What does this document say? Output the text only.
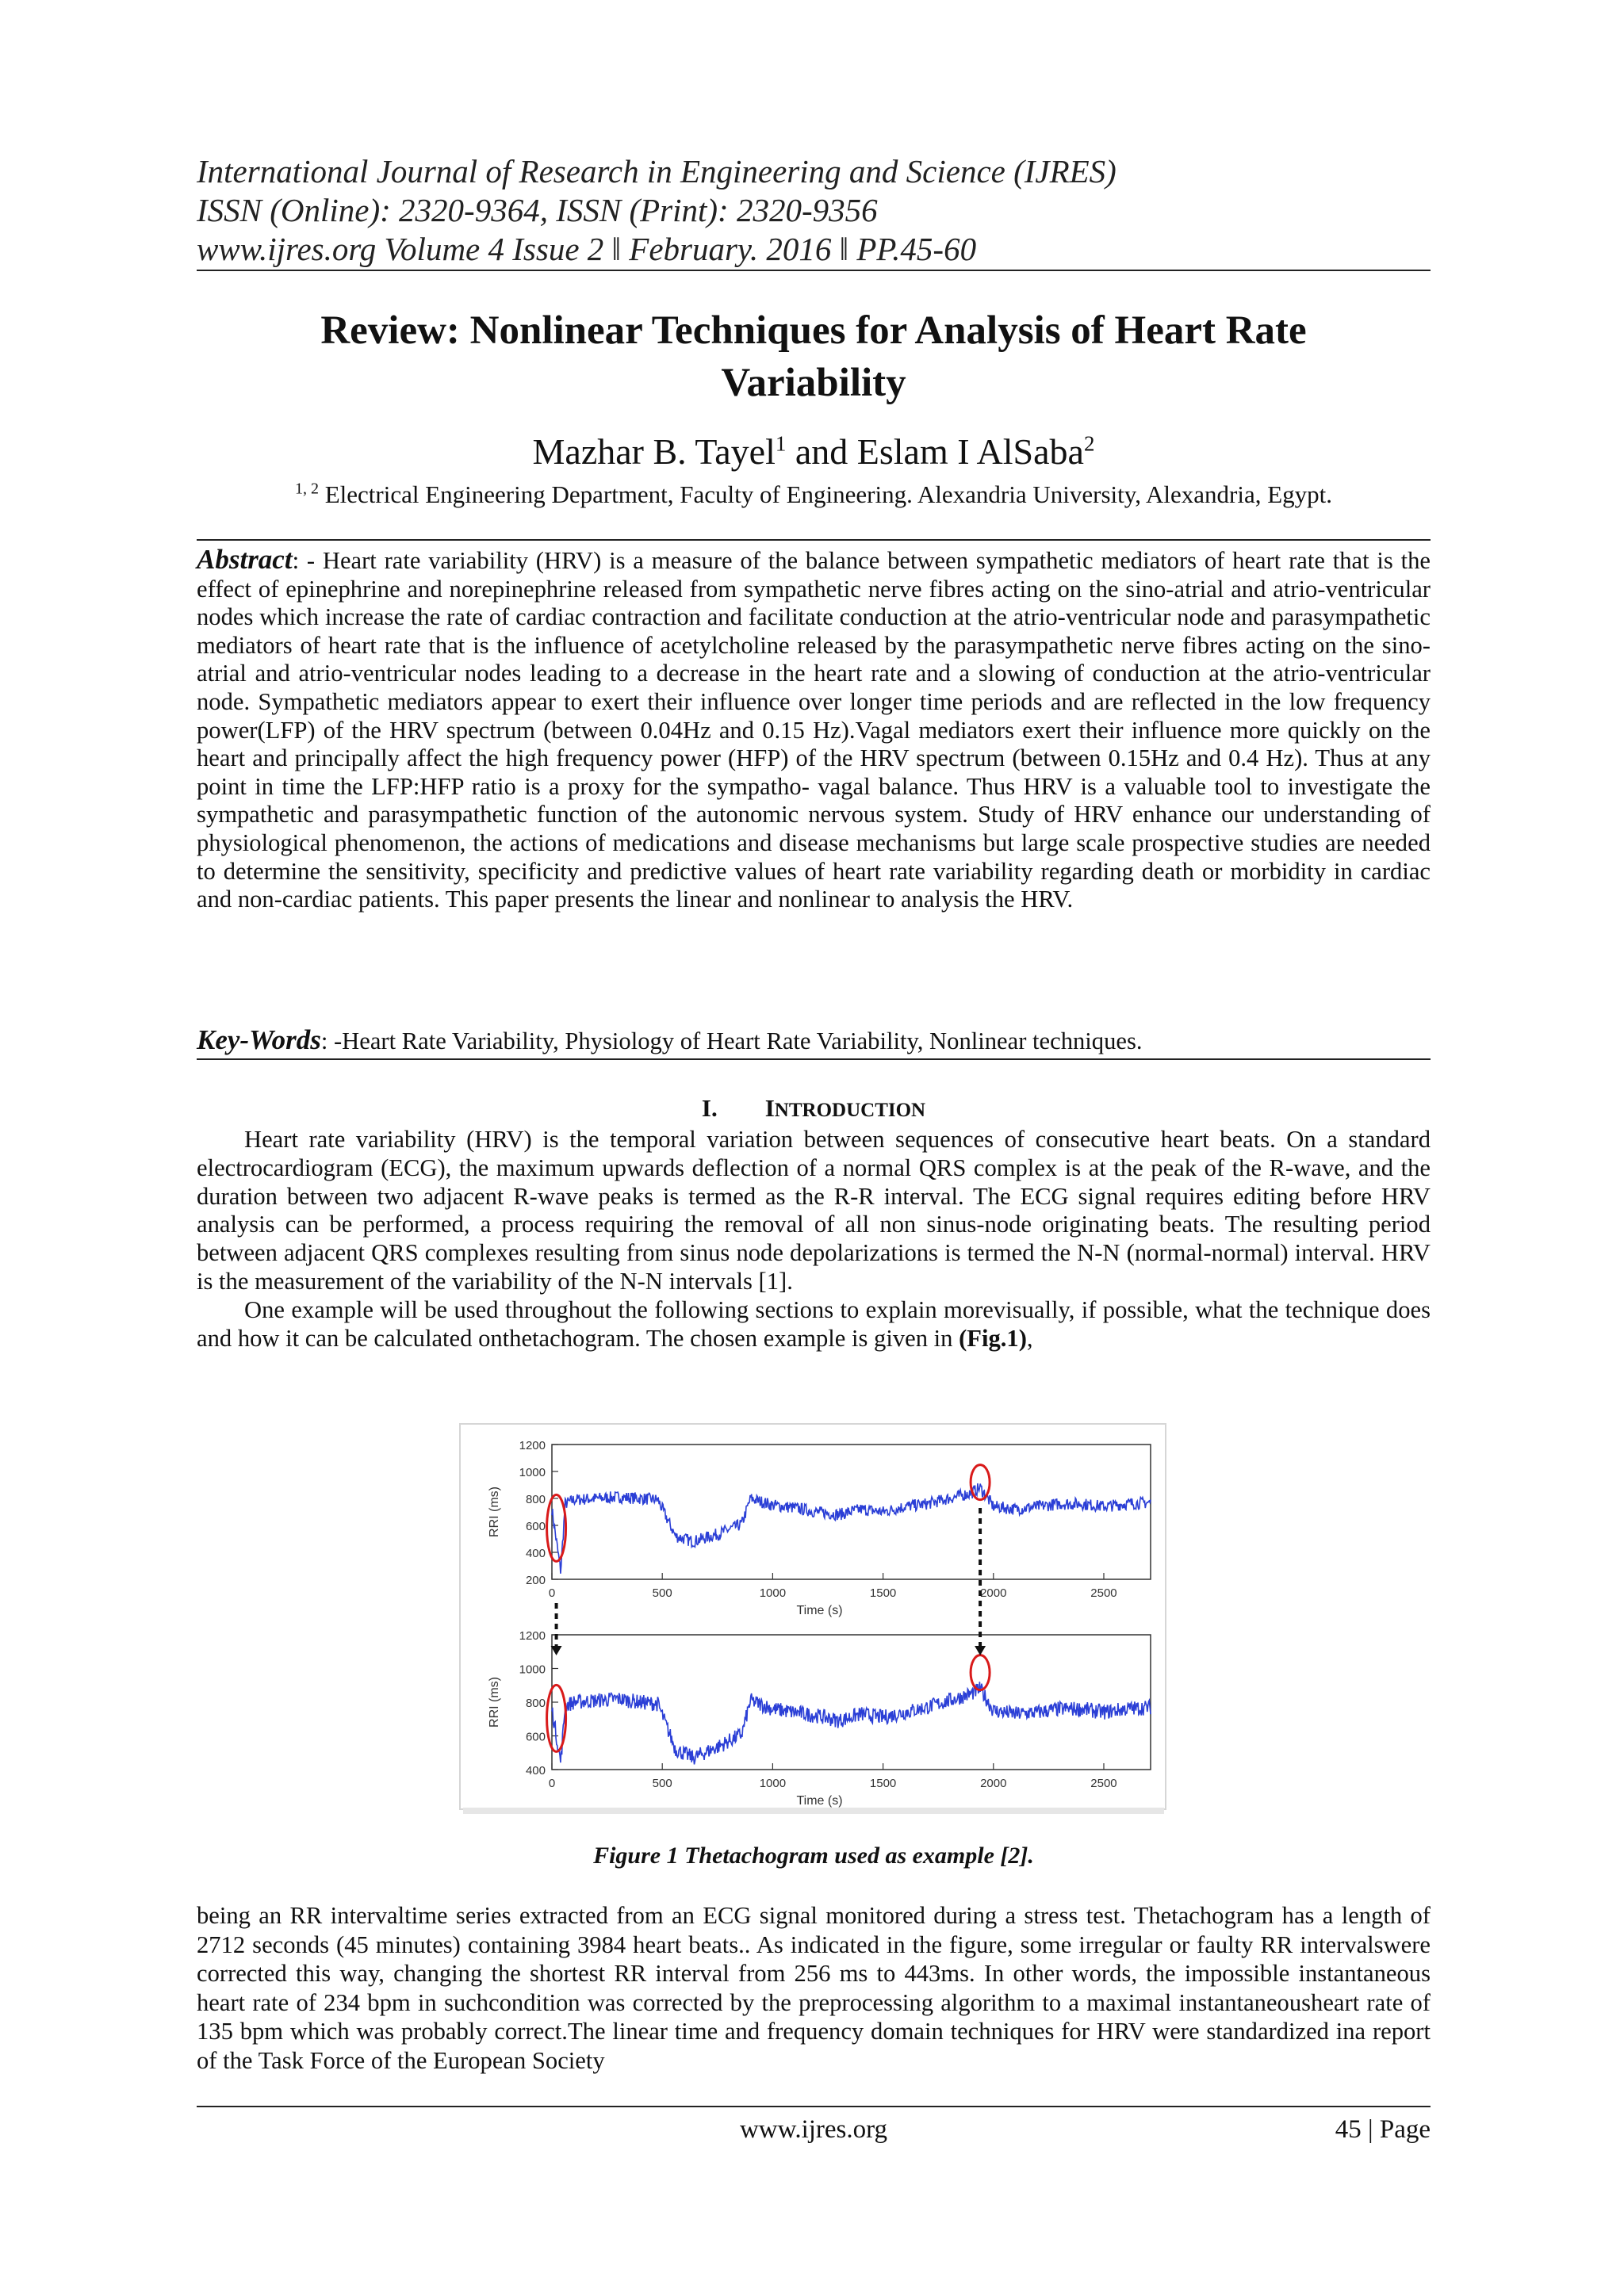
International Journal of Research in Engineering and Science (IJRES)
ISSN (Online): 2320-9364, ISSN (Print): 2320-9356
www.ijres.org Volume 4 Issue 2 ǁ February. 2016 ǁ PP.45-60
Review: Nonlinear Techniques for Analysis of Heart Rate
Variability
Mazhar B. Tayel$^1$ and Eslam I AlSaba$^2$
$^{1, 2}$ Electrical Engineering Department, Faculty of Engineering. Alexandria University, Alexandria, Egypt.
Abstract: - Heart rate variability (HRV) is a measure of the balance between sympathetic mediators of heart rate that is the effect of epinephrine and norepinephrine released from sympathetic nerve fibres acting on the sino-atrial and atrio-ventricular nodes which increase the rate of cardiac contraction and facilitate conduction at the atrio-ventricular node and parasympathetic mediators of heart rate that is the influence of acetylcholine released by the parasympathetic nerve fibres acting on the sino-atrial and atrio-ventricular nodes leading to a decrease in the heart rate and a slowing of conduction at the atrio-ventricular node. Sympathetic mediators appear to exert their influence over longer time periods and are reflected in the low frequency power(LFP) of the HRV spectrum (between 0.04Hz and 0.15 Hz).Vagal mediators exert their influence more quickly on the heart and principally affect the high frequency power (HFP) of the HRV spectrum (between 0.15Hz and 0.4 Hz). Thus at any point in time the LFP:HFP ratio is a proxy for the sympatho- vagal balance. Thus HRV is a valuable tool to investigate the sympathetic and parasympathetic function of the autonomic nervous system. Study of HRV enhance our understanding of physiological phenomenon, the actions of medications and disease mechanisms but large scale prospective studies are needed to determine the sensitivity, specificity and predictive values of heart rate variability regarding death or morbidity in cardiac and non-cardiac patients. This paper presents the linear and nonlinear to analysis the HRV.
Key-Words: -Heart Rate Variability, Physiology of Heart Rate Variability, Nonlinear techniques.
I. INTRODUCTION

Heart rate variability (HRV) is the temporal variation between sequences of consecutive heart beats. On a standard electrocardiogram (ECG), the maximum upwards deflection of a normal QRS complex is at the peak of the R-wave, and the duration between two adjacent R-wave peaks is termed as the R-R interval. The ECG signal requires editing before HRV analysis can be performed, a process requiring the removal of all non sinus-node originating beats. The resulting period between adjacent QRS complexes resulting from sinus node depolarizations is termed the N-N (normal-normal) interval. HRV is the measurement of the variability of the N-N intervals [1].

One example will be used throughout the following sections to explain morevisually, if possible, what the technique does and how it can be calculated onthetachogram. The chosen example is given in (Fig.1),

200
400
600
800
1000
1200
0	500	1000	1500	2000	2500
Time (s)
RRI (ms)
400
600
800
1000
1200
0	500	1000	1500	2000	2500
Time (s)
RRI (ms)
Figure 1 Thetachogram used as example [2].

being an RR intervaltime series extracted from an ECG signal monitored during a stress test. Thetachogram has a length of 2712 seconds (45 minutes) containing 3984 heart beats.. As indicated in the figure, some irregular or faulty RR intervalswere corrected this way, changing the shortest RR interval from 256 ms to 443ms. In other words, the impossible instantaneous heart rate of 234 bpm in suchcondition was corrected by the preprocessing algorithm to a maximal instantaneousheart rate of 135 bpm which was probably correct.The linear time and frequency domain techniques for HRV were standardized ina report of the Task Force of the European Society

www.ijres.org	45 | Page
